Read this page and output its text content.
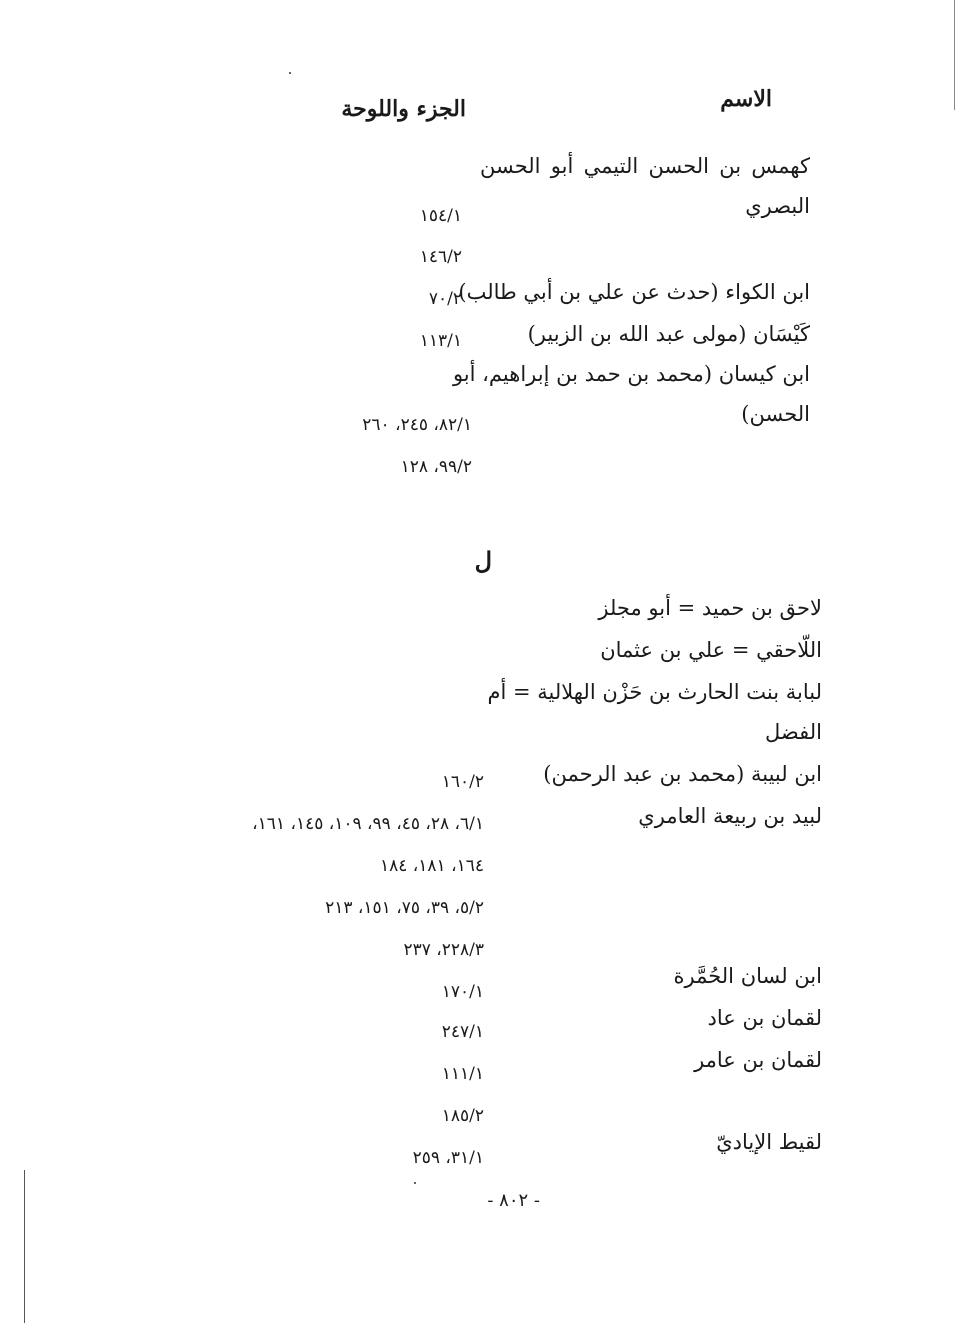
الاسم
الجزء واللوحة
كهمس بن الحسن التيمي أبو الحسن
البصري
ابن الكواء (حدث عن علي بن أبي طالب)
كَيْسَان (مولى عبد الله بن الزبير)
ابن كيسان (محمد بن حمد بن إبراهيم، أبو
الحسن)
١٥٤/١
١٤٦/٢
٧٠/٢
١١٣/١
٨٢/١، ٢٤٥، ٢٦٠
٩٩/٢، ١٢٨
ل
لاحق بن حميد = أبو مجلز
اللّاحقي = علي بن عثمان
لبابة بنت الحارث بن حَزْن الهلالية = أم
الفضل
ابن لبيبة (محمد بن عبد الرحمن)
لبيد بن ربيعة العامري
ابن لسان الحُمَّرة
لقمان بن عاد
لقمان بن عامر
لقيط الإياديّ
١٦٠/٢
٦/١، ٢٨، ٤٥، ٩٩، ١٠٩، ١٤٥، ١٦١،
١٦٤، ١٨١، ١٨٤
٥/٢، ٣٩، ٧٥، ١٥١، ٢١٣
٢٢٨/٣، ٢٣٧
١٧٠/١
٢٤٧/١
١١١/١
١٨٥/٢
٣١/١، ٢٥٩
- ٨٠٢ -
